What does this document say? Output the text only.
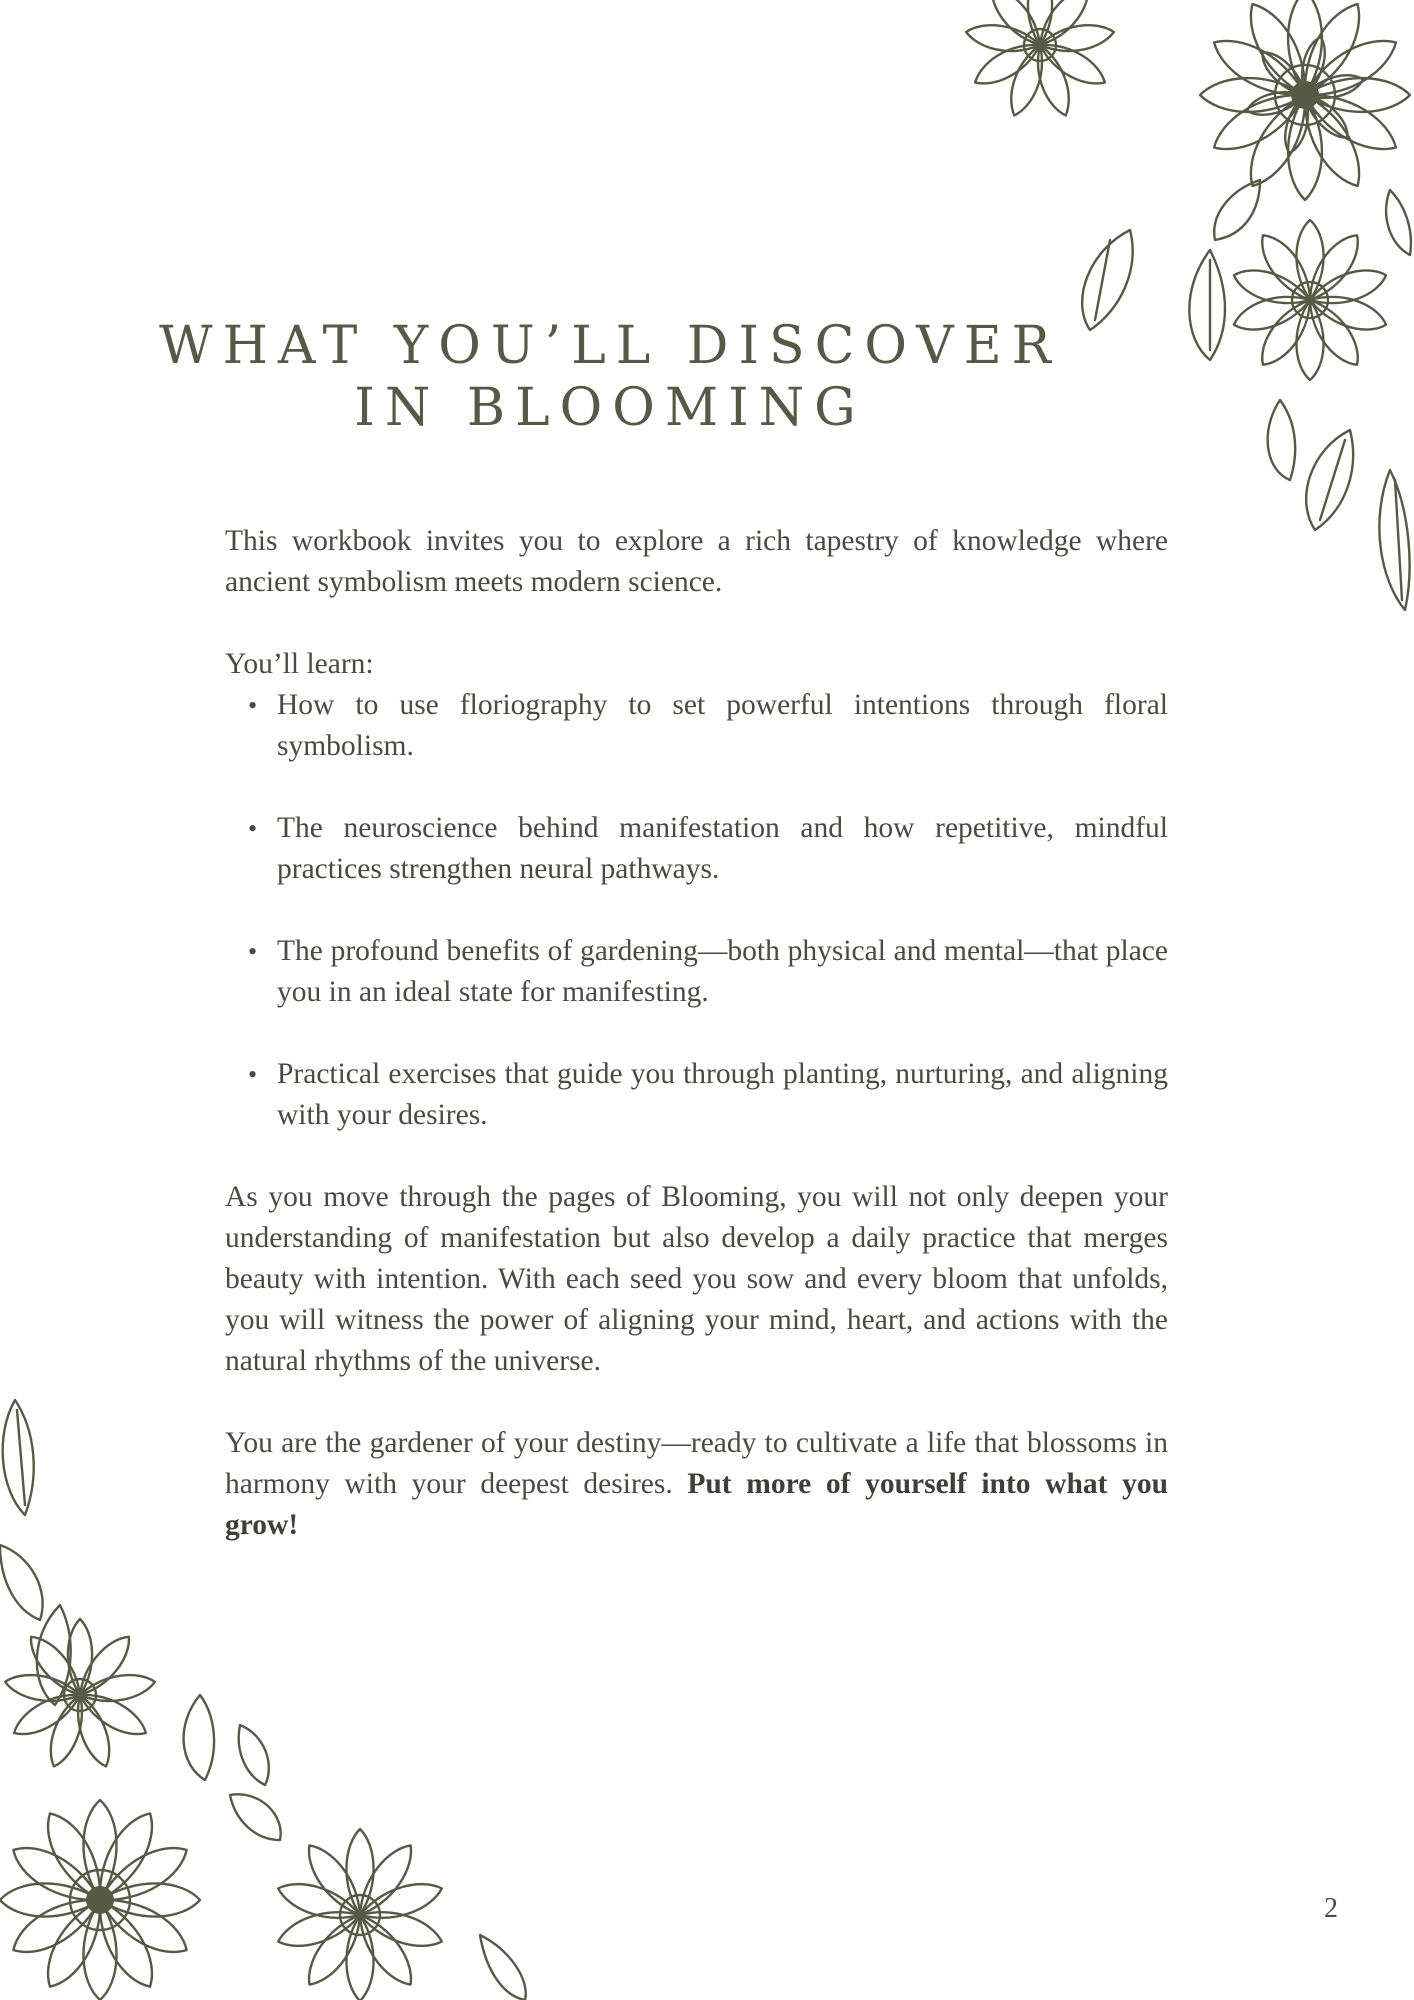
WHAT YOU’LL DISCOVER
IN BLOOMING

This workbook invites you to explore a rich tapestry of knowledge where ancient symbolism meets modern science.

You’ll learn:

• How to use floriography to set powerful intentions through floral symbolism.
• The neuroscience behind manifestation and how repetitive, mindful practices strengthen neural pathways.
• The profound benefits of gardening—both physical and mental—that place you in an ideal state for manifesting.
• Practical exercises that guide you through planting, nurturing, and aligning with your desires.

As you move through the pages of Blooming, you will not only deepen your understanding of manifestation but also develop a daily practice that merges beauty with intention. With each seed you sow and every bloom that unfolds, you will witness the power of aligning your mind, heart, and actions with the natural rhythms of the universe.

You are the gardener of your destiny—ready to cultivate a life that blossoms in harmony with your deepest desires. Put more of yourself into what you grow!

2
